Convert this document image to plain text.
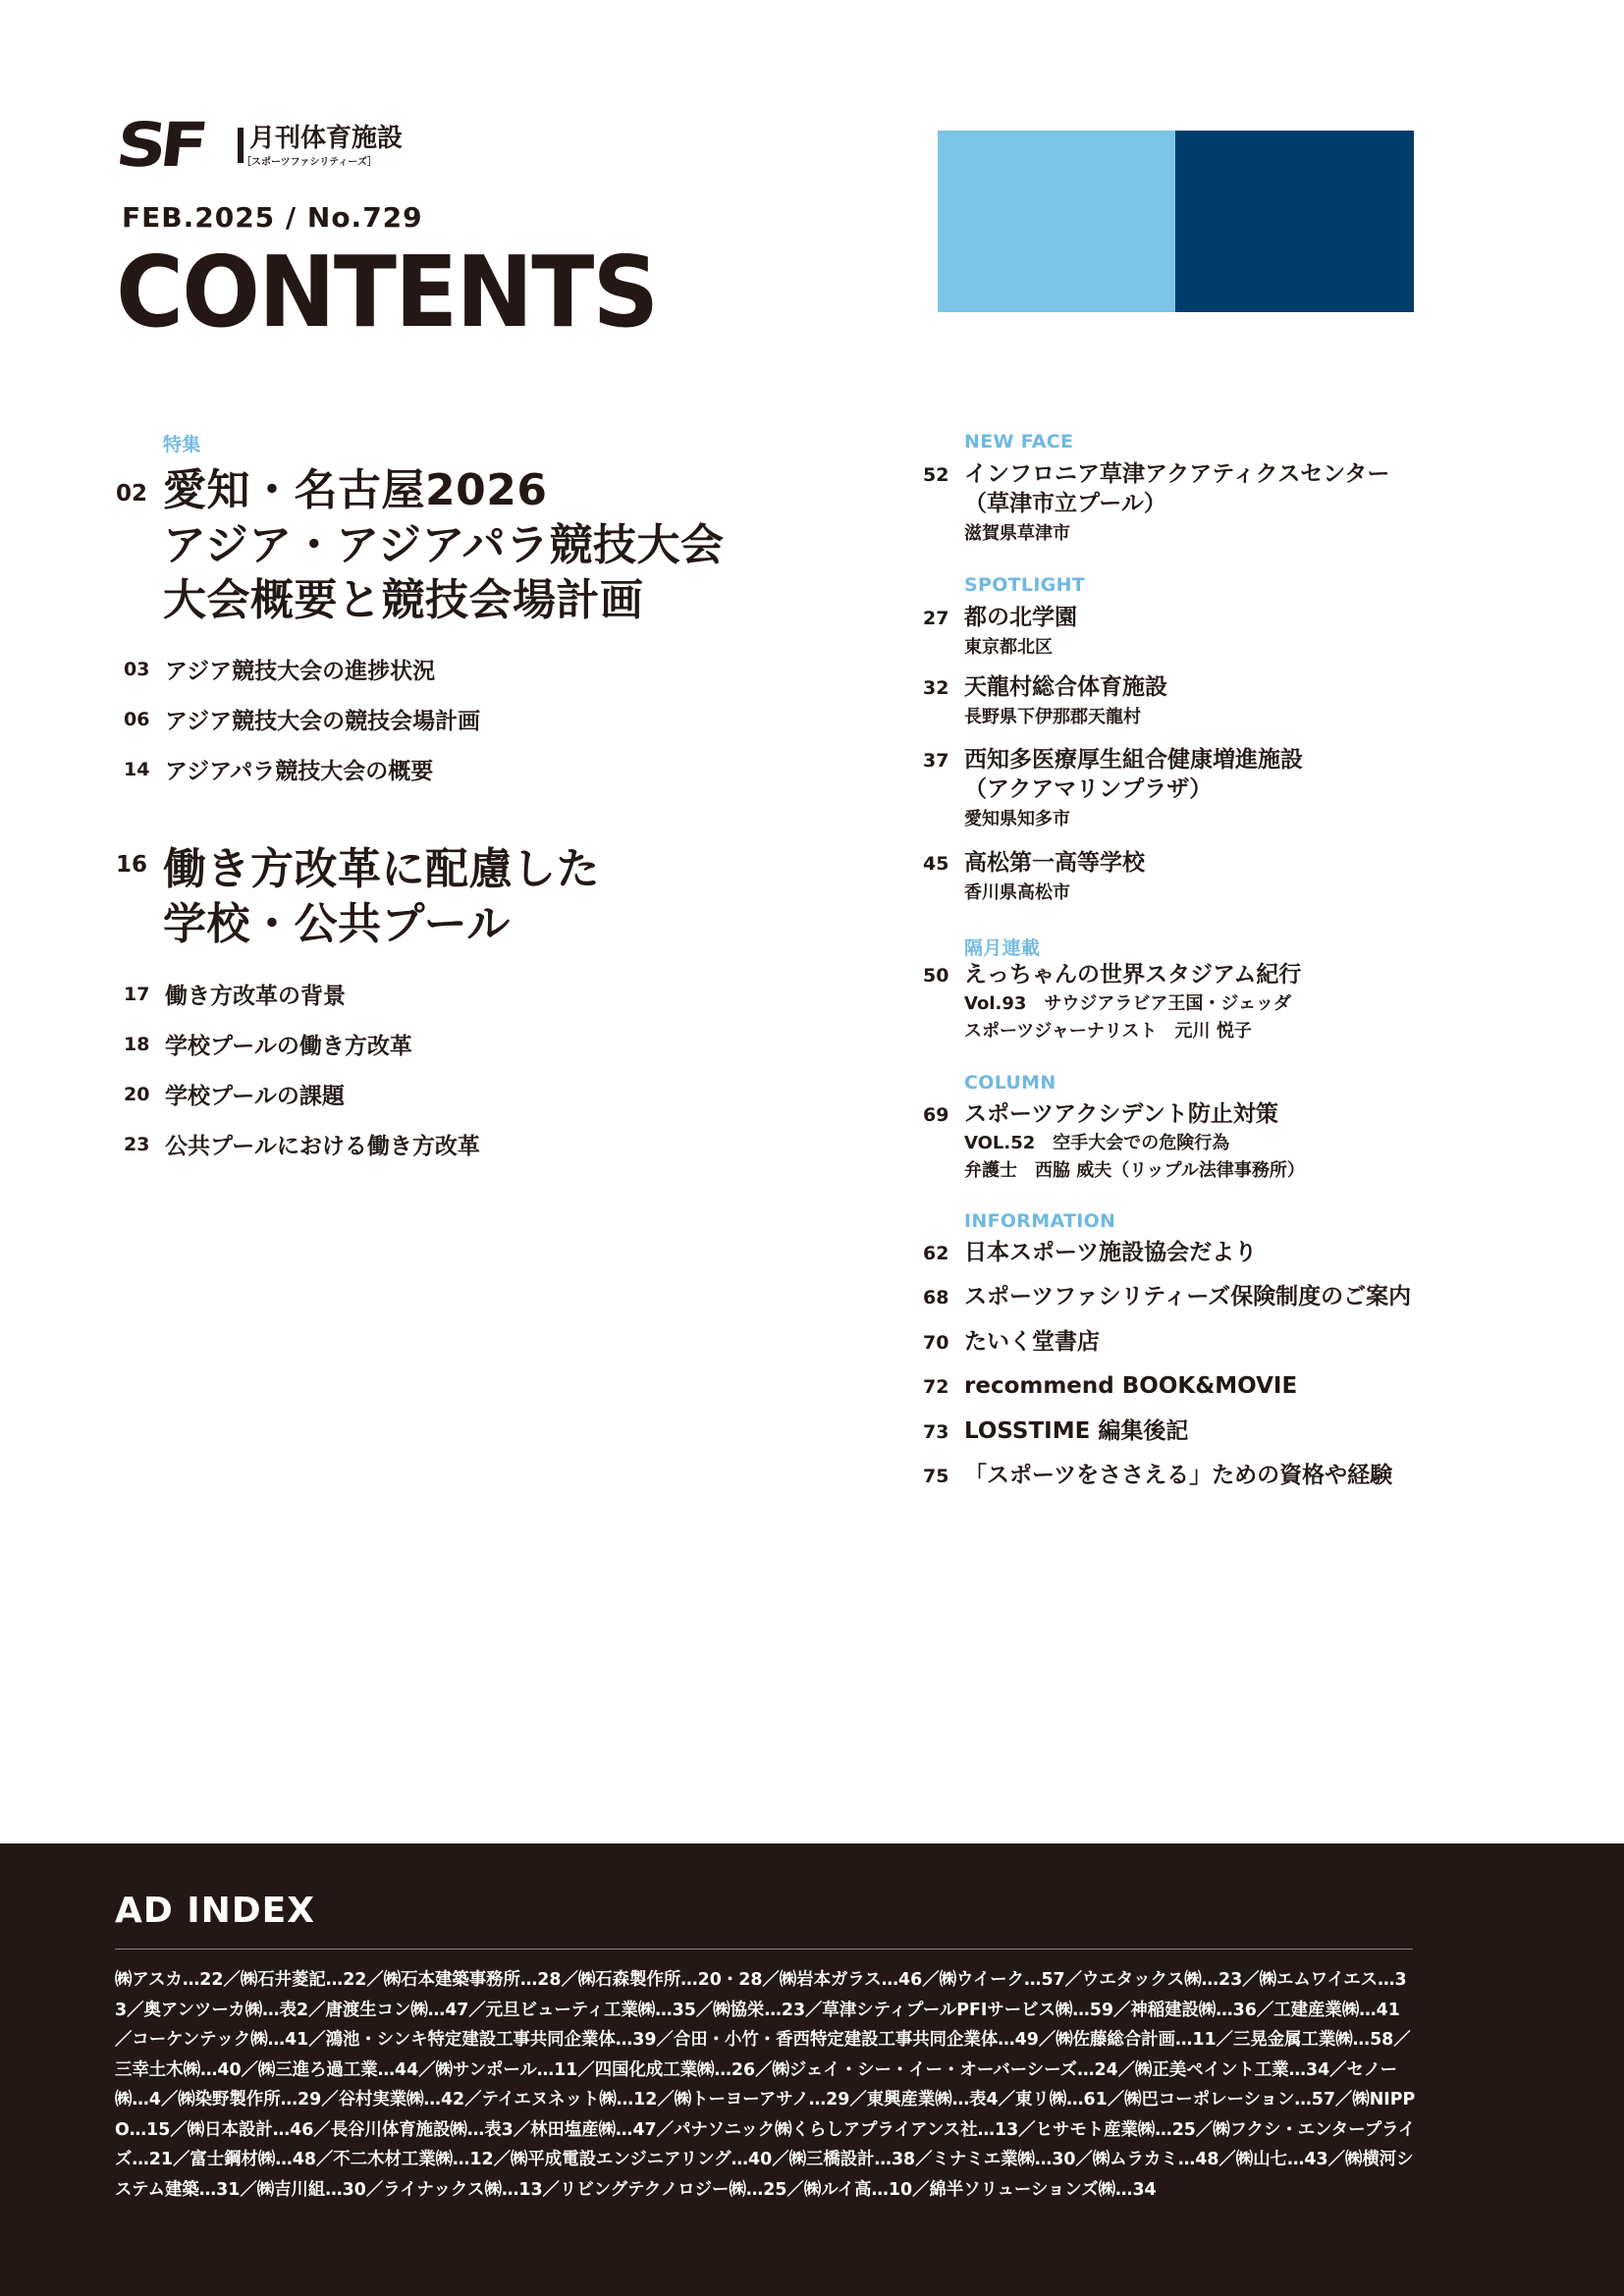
SF 月刊体育施設
［スポーツファシリティーズ］
FEB.2025 / No.729
CONTENTS
特集
02 愛知・名古屋2026
アジア・アジアパラ競技大会
大会概要と競技会場計画
03 アジア競技大会の進捗状況
06 アジア競技大会の競技会場計画
14 アジアパラ競技大会の概要
16 働き方改革に配慮した
学校・公共プール
17 働き方改革の背景
18 学校プールの働き方改革
20 学校プールの課題
23 公共プールにおける働き方改革
NEW FACE
52 インフロニア草津アクアティクスセンター
（草津市立プール）
滋賀県草津市
SPOTLIGHT
27 都の北学園
東京都北区
32 天龍村総合体育施設
長野県下伊那郡天龍村
37 西知多医療厚生組合健康増進施設
（アクアマリンプラザ）
愛知県知多市
45 高松第一高等学校
香川県高松市
隔月連載
50 えっちゃんの世界スタジアム紀行
Vol.93　サウジアラビア王国・ジェッダ
スポーツジャーナリスト　元川 悦子
COLUMN
69 スポーツアクシデント防止対策
VOL.52　空手大会での危険行為
弁護士　西脇 威夫（リップル法律事務所）
INFORMATION
62 日本スポーツ施設協会だより
68 スポーツファシリティーズ保険制度のご案内
70 たいく堂書店
72 recommend BOOK&MOVIE
73 LOSSTIME 編集後記
75 「スポーツをささえる」ための資格や経験
AD INDEX
㈱アスカ…22／㈱石井菱記…22／㈱石本建築事務所…28／㈱石森製作所…20・28／㈱岩本ガラス…46／㈱ウイーク…57／ウエタックス㈱…23／㈱エムワイエス…33／奥アンツーカ㈱…表2／唐渡生コン㈱…47／元旦ビューティ工業㈱…35／㈱協栄…23／草津シティプールPFIサービス㈱…59／神稲建設㈱…36／工建産業㈱…41／コーケンテック㈱…41／鴻池・シンキ特定建設工事共同企業体…39／合田・小竹・香西特定建設工事共同企業体…49／㈱佐藤総合計画…11／三晃金属工業㈱…58／三幸土木㈱…40／㈱三進ろ過工業…44／㈱サンポール…11／四国化成工業㈱…26／㈱ジェイ・シー・イー・オーバーシーズ…24／㈱正美ペイント工業…34／セノー㈱…4／㈱染野製作所…29／谷村実業㈱…42／テイエヌネット㈱…12／㈱トーヨーアサノ…29／東興産業㈱…表4／東リ㈱…61／㈱巴コーポレーション…57／㈱NIPPO…15／㈱日本設計…46／長谷川体育施設㈱…表3／林田塩産㈱…47／パナソニック㈱くらしアプライアンス社…13／ヒサモト産業㈱…25／㈱フクシ・エンタープライズ…21／富士鋼材㈱…48／不二木材工業㈱…12／㈱平成電設エンジニアリング…40／㈱三橋設計…38／ミナミエ業㈱…30／㈱ムラカミ…48／㈱山七…43／㈱横河システム建築…31／㈱吉川組…30／ライナックス㈱…13／リビングテクノロジー㈱…25／㈱ルイ高…10／綿半ソリューションズ㈱…34
